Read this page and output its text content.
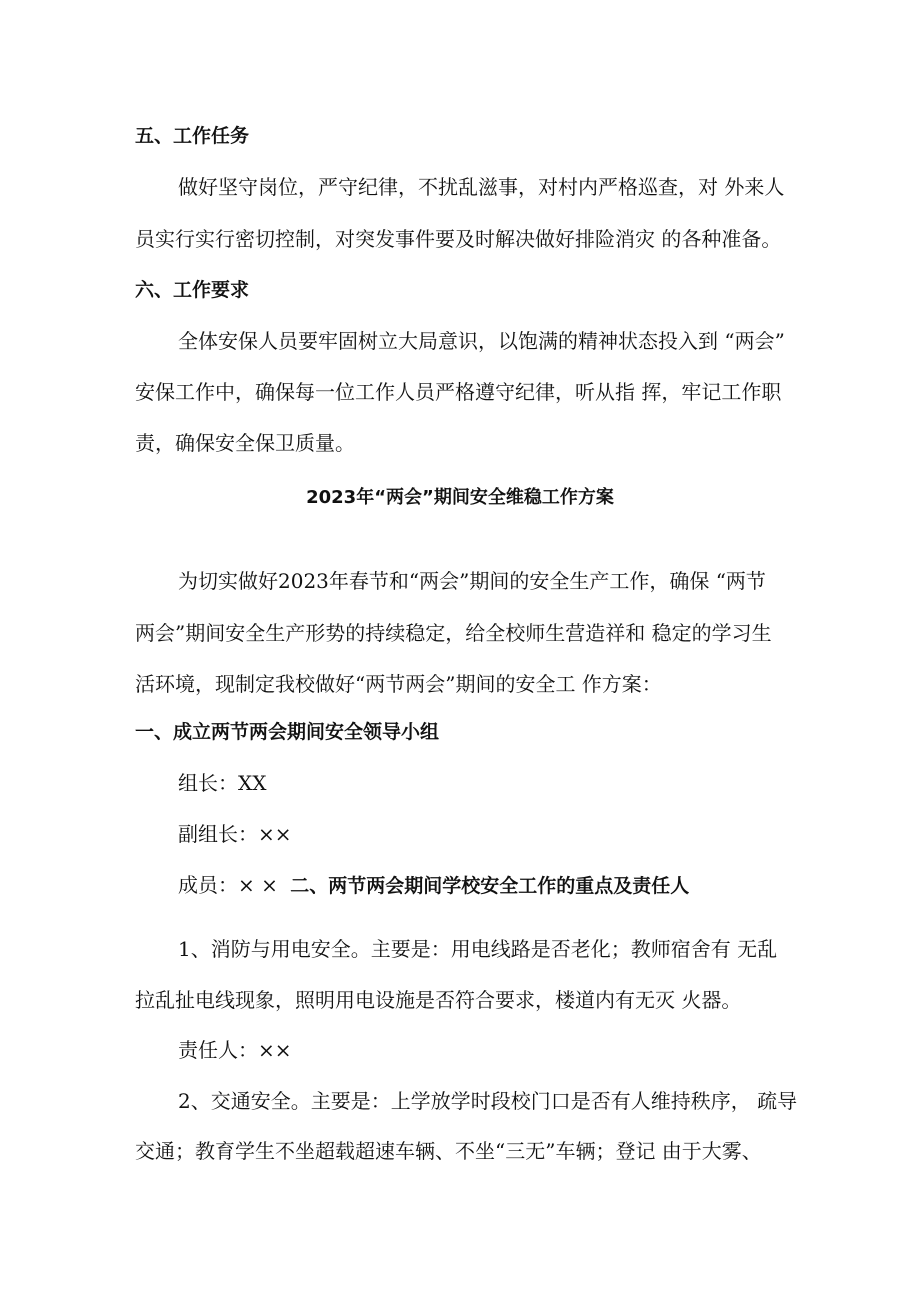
五、工作任务
做好坚守岗位，严守纪律，不扰乱滋事，对村内严格巡查，对 外来人
员实行实行密切控制，对突发事件要及时解决做好排险消灾 的各种准备。
六、工作要求
全体安保人员要牢固树立大局意识，以饱满的精神状态投入到 “两会”
安保工作中，确保每一位工作人员严格遵守纪律，听从指 挥，牢记工作职
责，确保安全保卫质量。
2023年“两会”期间安全维稳工作方案
为切实做好2023年春节和“两会”期间的安全生产工作，确保 “两节
两会”期间安全生产形势的持续稳定，给全校师生营造祥和 稳定的学习生
活环境，现制定我校做好“两节两会”期间的安全工 作方案：
一、成立两节两会期间安全领导小组
组长：XX
副组长：××
成员：× × 二、两节两会期间学校安全工作的重点及责任人
1、消防与用电安全。主要是：用电线路是否老化；教师宿舍有 无乱
拉乱扯电线现象，照明用电设施是否符合要求，楼道内有无灭 火器。
责任人：××
2、交通安全。主要是：上学放学时段校门口是否有人维持秩序， 疏导
交通；教育学生不坐超载超速车辆、不坐“三无”车辆；登记 由于大雾、
